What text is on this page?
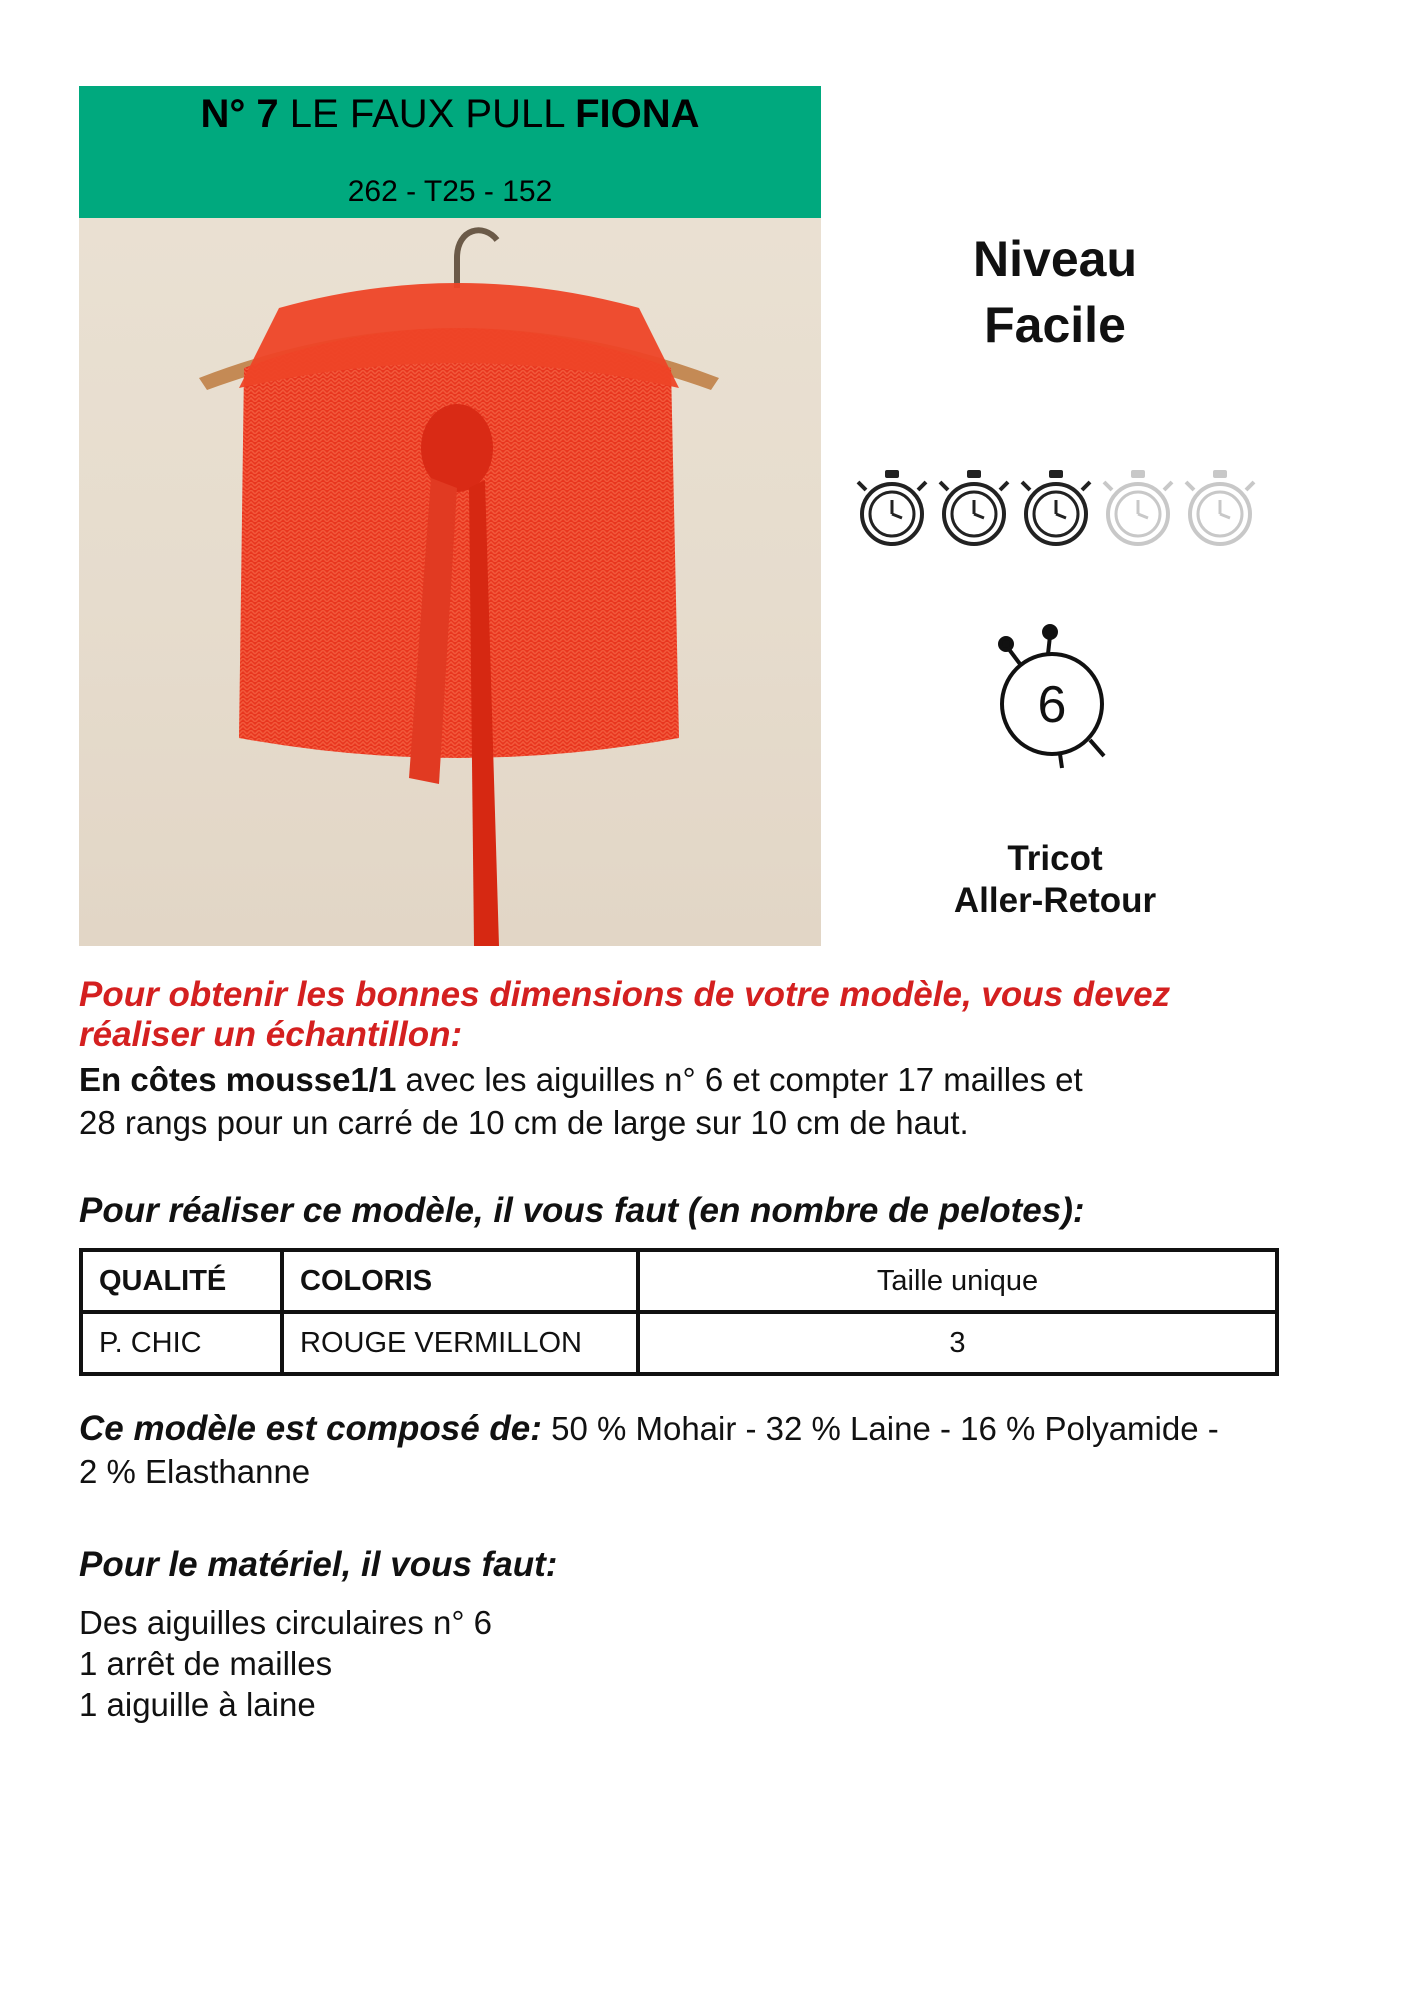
N° 7 LE FAUX PULL FIONA
262 - T25 - 152
Niveau
Facile
6
Tricot
Aller-Retour
Pour obtenir les bonnes dimensions de votre modèle, vous devez
réaliser un échantillon:
En côtes mousse1/1 avec les aiguilles n° 6 et compter 17 mailles et
28 rangs pour un carré de 10 cm de large sur 10 cm de haut.
Pour réaliser ce modèle, il vous faut (en nombre de pelotes):
QUALITÉ	COLORIS	Taille unique
P. CHIC	ROUGE VERMILLON	3
Ce modèle est composé de: 50 % Mohair - 32 % Laine - 16 % Polyamide -
2 % Elasthanne
Pour le matériel, il vous faut:
Des aiguilles circulaires n° 6
1 arrêt de mailles
1 aiguille à laine
